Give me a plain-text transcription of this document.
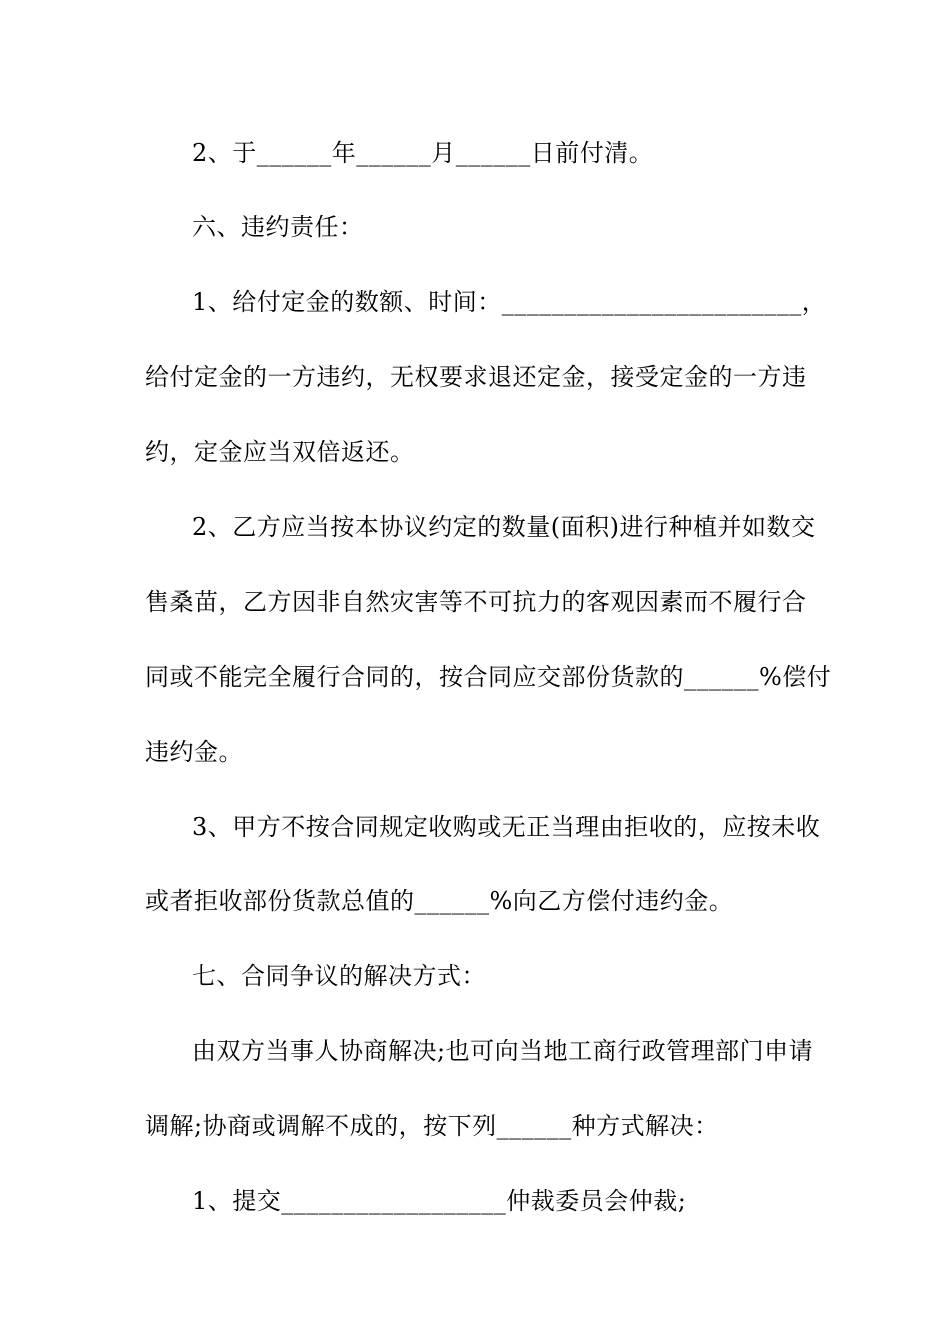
2、于______年______月______日前付清。
六、违约责任：
1、给付定金的数额、时间：________________________，
给付定金的一方违约，无权要求退还定金，接受定金的一方违
约，定金应当双倍返还。
2、乙方应当按本协议约定的数量(面积)进行种植并如数交
售桑苗，乙方因非自然灾害等不可抗力的客观因素而不履行合
同或不能完全履行合同的，按合同应交部份货款的______%偿付
违约金。
3、甲方不按合同规定收购或无正当理由拒收的，应按未收
或者拒收部份货款总值的______%向乙方偿付违约金。
七、合同争议的解决方式：
由双方当事人协商解决;也可向当地工商行政管理部门申请
调解;协商或调解不成的，按下列______种方式解决：
1、提交__________________仲裁委员会仲裁;
